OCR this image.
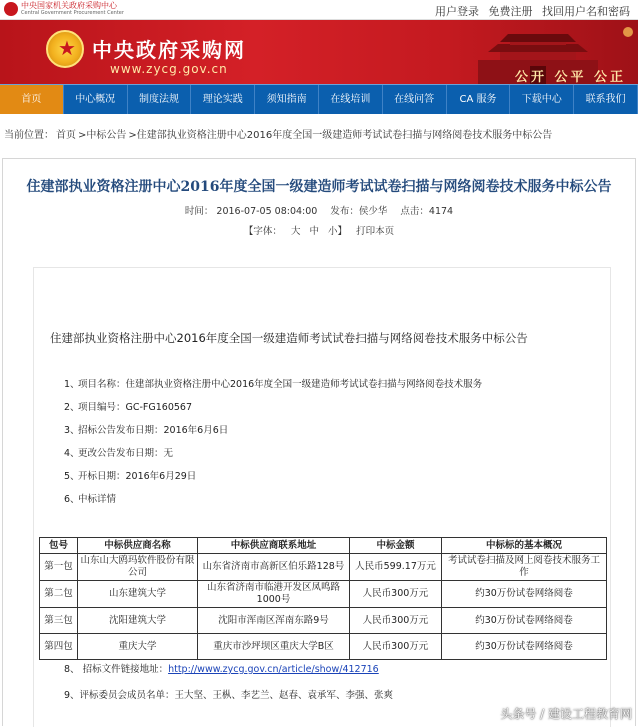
中央国家机关政府采购中心
Central Government Procurement Center	用户登录 免费注册 找回用户名和密码
★
中央政府采购网
www.zycg.gov.cn
公开 公平 公正
首页	中心概况	制度法规	理论实践	须知指南	在线培训	在线问答	CA 服务	下载中心	联系我们
当前位置： 首页 >中标公告 >住建部执业资格注册中心2016年度全国一级建造师考试试卷扫描与网络阅卷技术服务中标公告
住建部执业资格注册中心2016年度全国一级建造师考试试卷扫描与网络阅卷技术服务中标公告
时间： 2016-07-05 08:04:00 发布：侯少华 点击：4174
【字体： 大 中 小】 打印本页
住建部执业资格注册中心2016年度全国一级建造师考试试卷扫描与网络阅卷技术服务中标公告
1、项目名称：住建部执业资格注册中心2016年度全国一级建造师考试试卷扫描与网络阅卷技术服务
2、项目编号：GC-FG160567
3、招标公告发布日期：2016年6月6日
4、更改公告发布日期：无
5、开标日期：2016年6月29日
6、中标详情
包号	中标供应商名称	中标供应商联系地址	中标金额	中标标的基本概况
第一包	山东山大鸥玛软件股份有限公司	山东省济南市高新区伯乐路128号	人民币599.17万元	考试试卷扫描及网上阅卷技术服务工作
第二包	山东建筑大学	山东省济南市临港开发区凤鸣路1000号	人民币300万元	约30万份试卷网络阅卷
第三包	沈阳建筑大学	沈阳市浑南区浑南东路9号	人民币300万元	约30万份试卷网络阅卷
第四包	重庆大学	重庆市沙坪坝区重庆大学B区	人民币300万元	约30万份试卷网络阅卷
8、 招标文件链接地址：http://www.zycg.gov.cn/article/show/412716
9、评标委员会成员名单：王大坚、王枞、李艺兰、赵春、袁承军、李强、张爽
头条号 / 建设工程教育网
